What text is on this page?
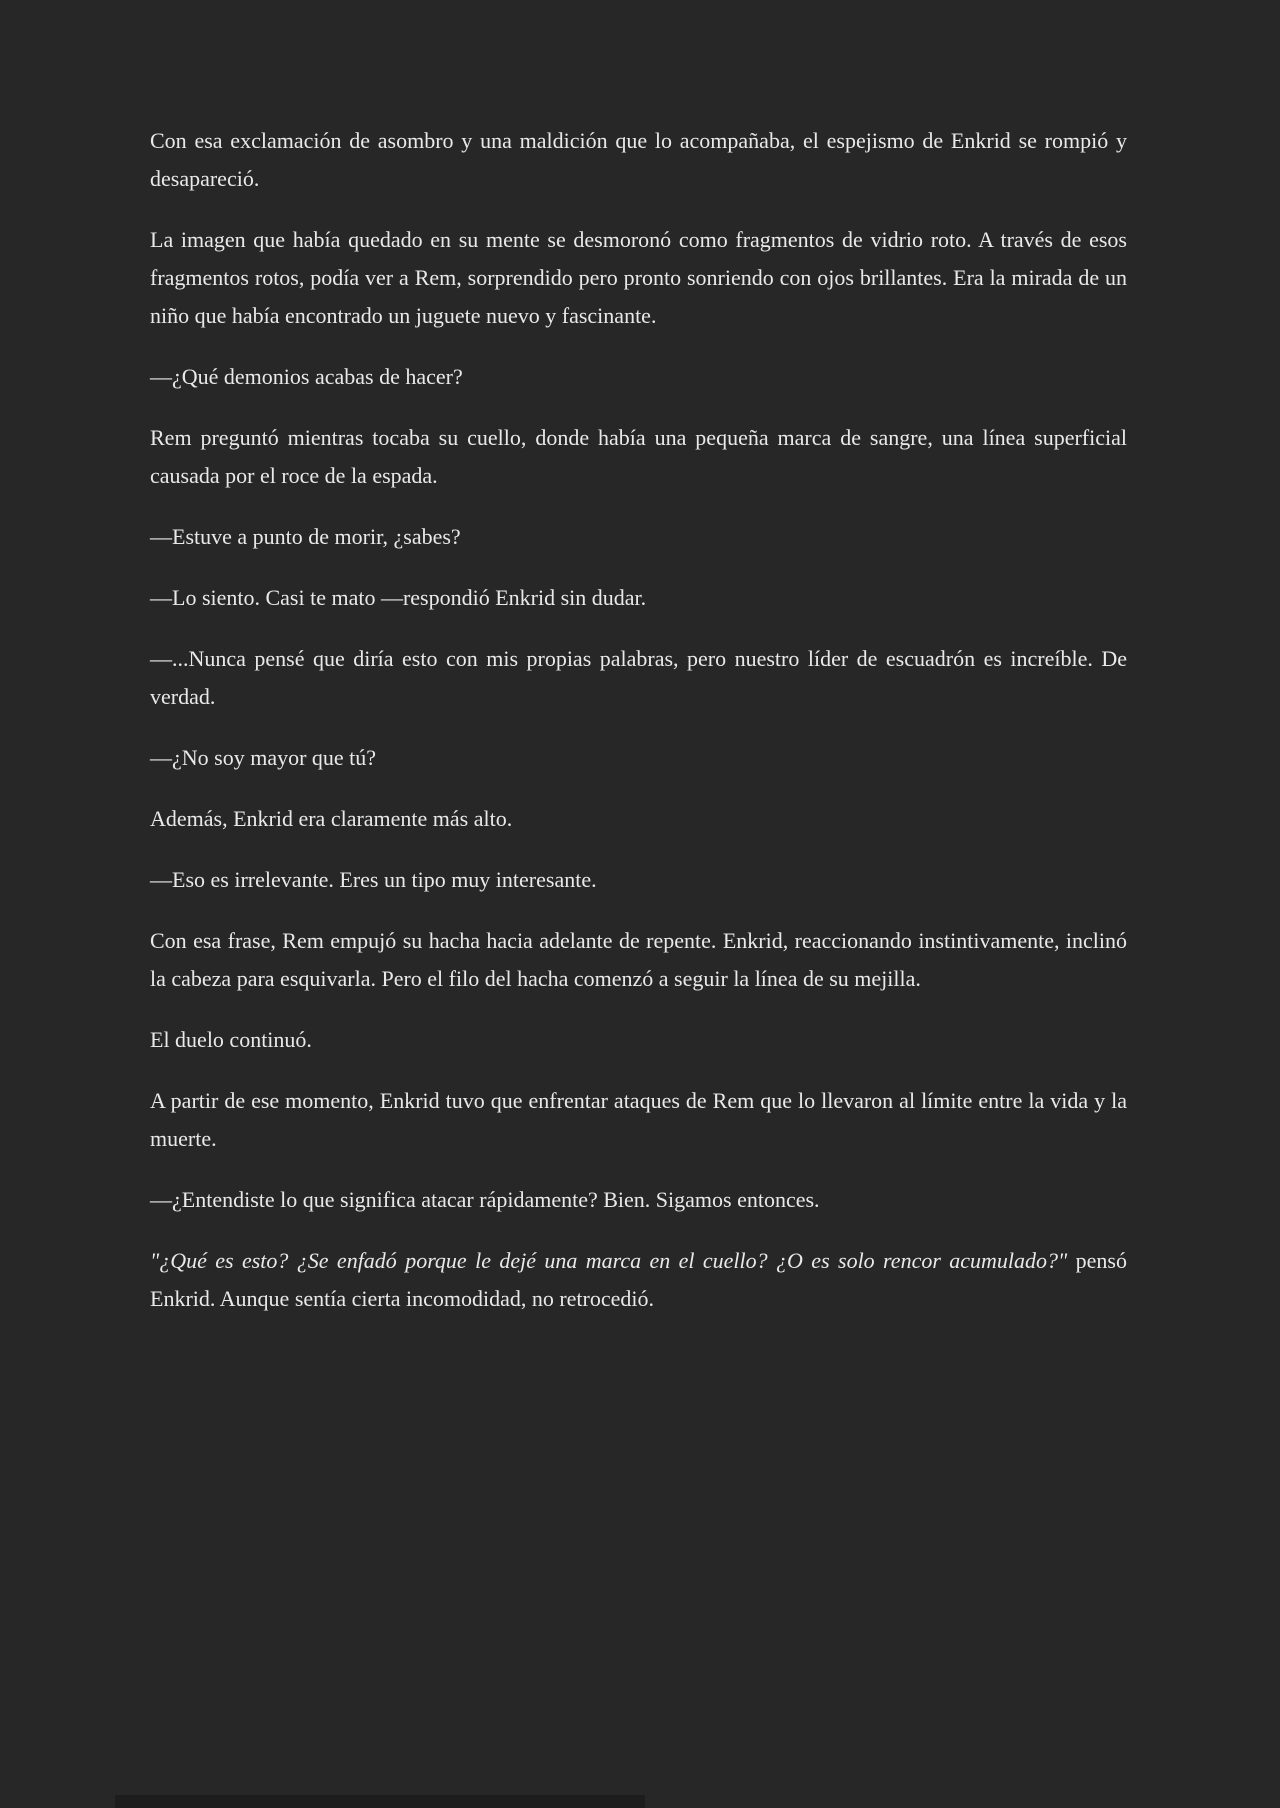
Con esa exclamación de asombro y una maldición que lo acompañaba, el espejismo de Enkrid se rompió y desapareció.

La imagen que había quedado en su mente se desmoronó como fragmentos de vidrio roto. A través de esos fragmentos rotos, podía ver a Rem, sorprendido pero pronto sonriendo con ojos brillantes. Era la mirada de un niño que había encontrado un juguete nuevo y fascinante.

—¿Qué demonios acabas de hacer?

Rem preguntó mientras tocaba su cuello, donde había una pequeña marca de sangre, una línea superficial causada por el roce de la espada.

—Estuve a punto de morir, ¿sabes?

—Lo siento. Casi te mato —respondió Enkrid sin dudar.

—...Nunca pensé que diría esto con mis propias palabras, pero nuestro líder de escuadrón es increíble. De verdad.

—¿No soy mayor que tú?

Además, Enkrid era claramente más alto.

—Eso es irrelevante. Eres un tipo muy interesante.

Con esa frase, Rem empujó su hacha hacia adelante de repente. Enkrid, reaccionando instintivamente, inclinó la cabeza para esquivarla. Pero el filo del hacha comenzó a seguir la línea de su mejilla.

El duelo continuó.

A partir de ese momento, Enkrid tuvo que enfrentar ataques de Rem que lo llevaron al límite entre la vida y la muerte.

—¿Entendiste lo que significa atacar rápidamente? Bien. Sigamos entonces.

"¿Qué es esto? ¿Se enfadó porque le dejé una marca en el cuello? ¿O es solo rencor acumulado?" pensó Enkrid. Aunque sentía cierta incomodidad, no retrocedió.
